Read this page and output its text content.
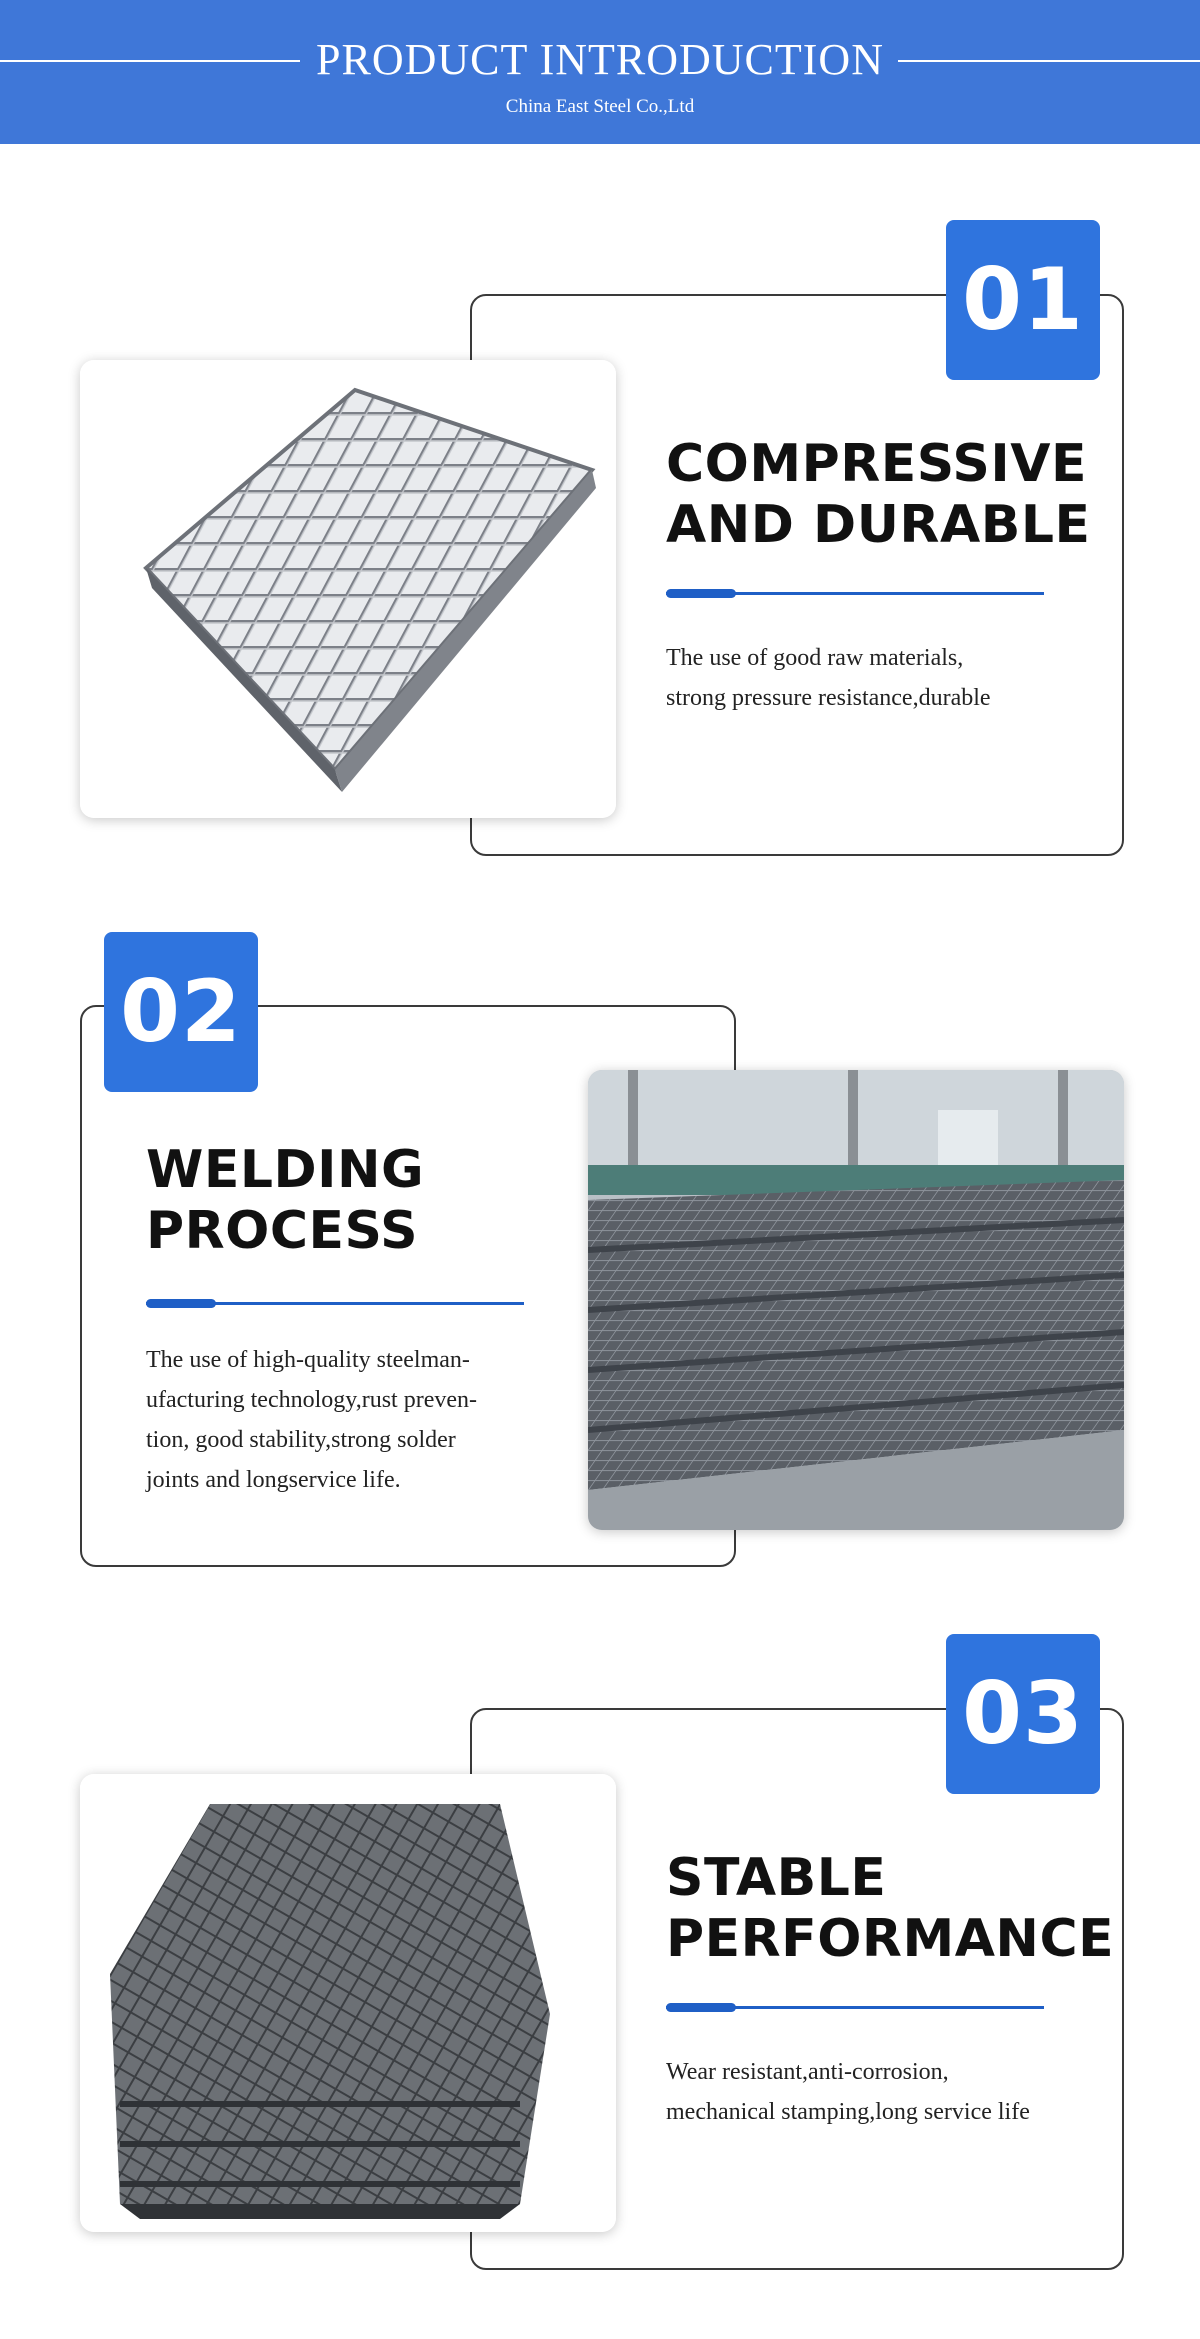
PRODUCT INTRODUCTION
China East Steel Co.,Ltd
01
COMPRESSIVE
AND DURABLE
The use of good raw materials,
strong pressure resistance,durable
02
WELDING
PROCESS
The use of high-quality steelman-
ufacturing technology,rust preven-
tion, good stability,strong solder
joints and longservice life.
03
STABLE
PERFORMANCE
Wear resistant,anti-corrosion,
mechanical stamping,long service life
